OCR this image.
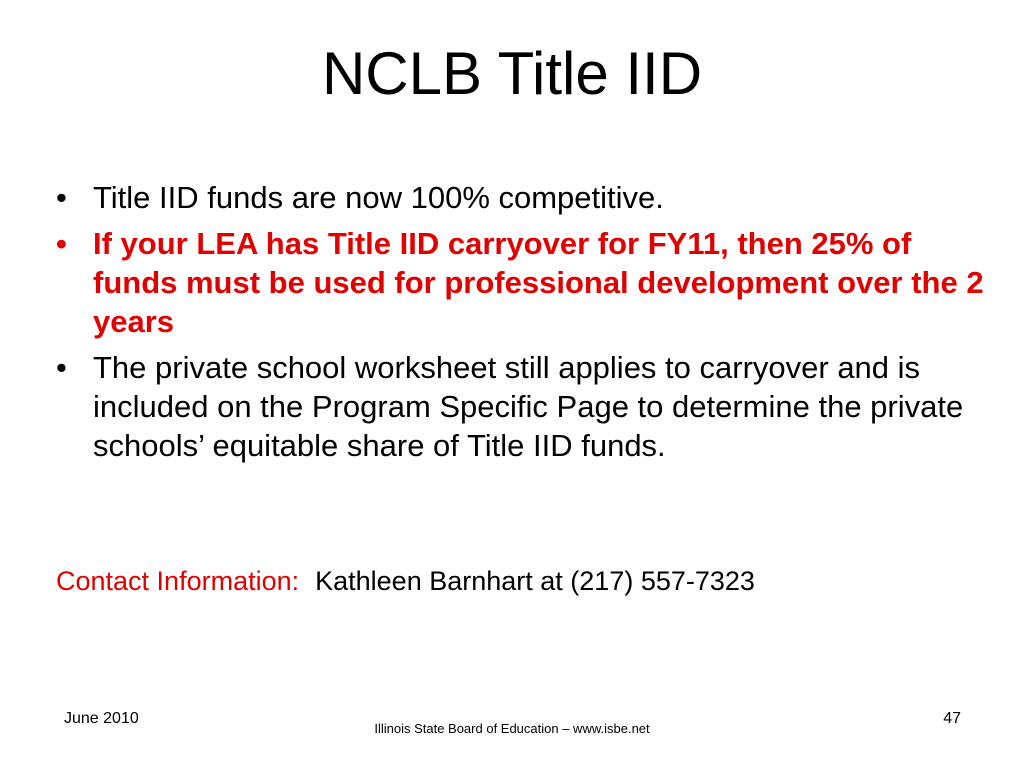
NCLB Title IID
• Title IID funds are now 100% competitive.
• If your LEA has Title IID carryover for FY11, then 25% of funds must be used for professional development over the 2 years
• The private school worksheet still applies to carryover and is included on the Program Specific Page to determine the private schools’ equitable share of Title IID funds.
Contact Information: Kathleen Barnhart at (217) 557-7323
June 2010
Illinois State Board of Education – www.isbe.net
47
